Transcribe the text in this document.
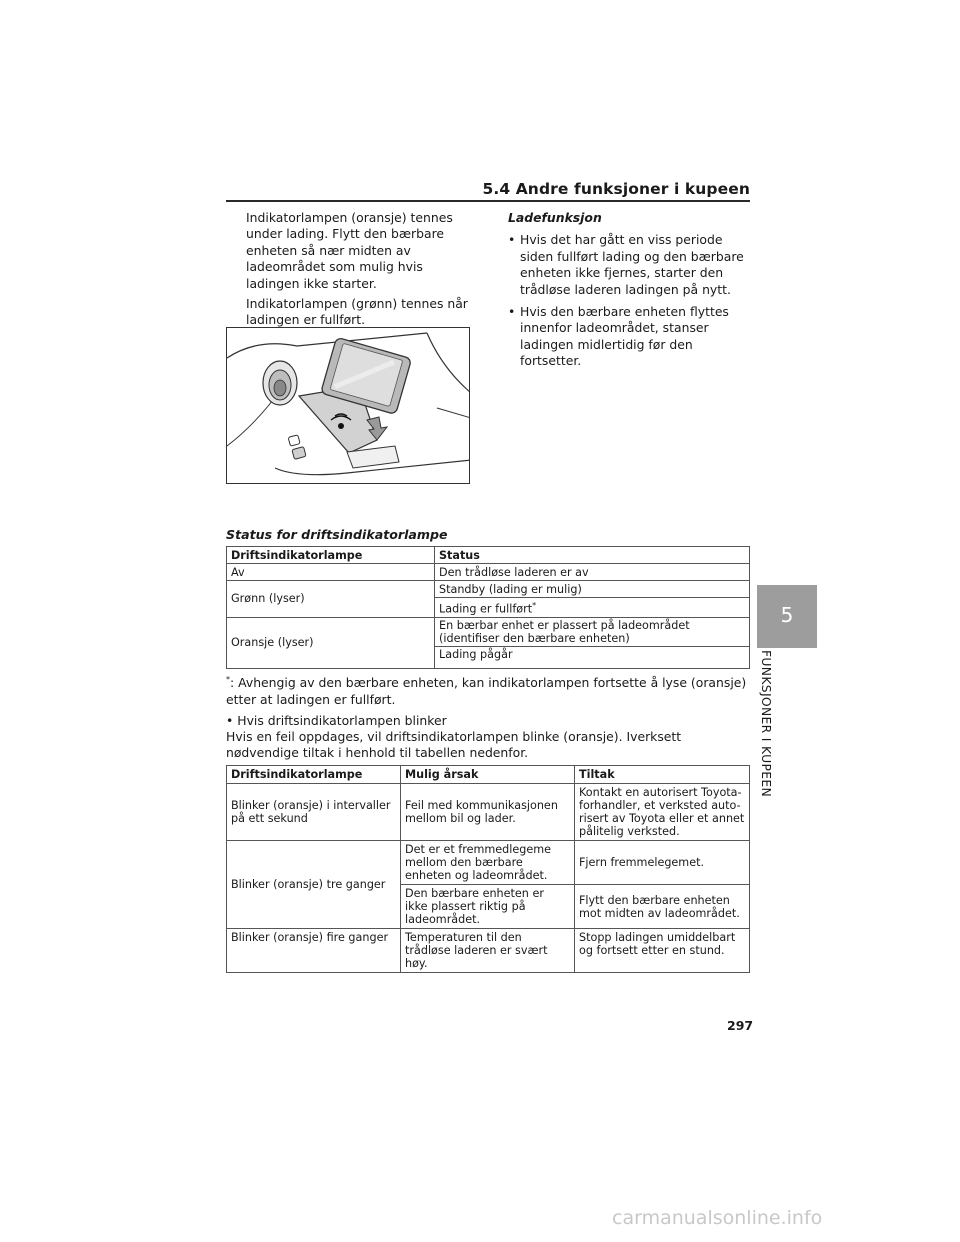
5.4 Andre funksjoner i kupeen

Indikatorlampen (oransje) tennes under lading. Flytt den bærbare enheten så nær midten av ladeområdet som mulig hvis ladingen ikke starter.

Indikatorlampen (grønn) tennes når ladingen er fullført.

Ladefunksjon
• Hvis det har gått en viss periode siden fullført lading og den bærbare enheten ikke fjernes, starter den trådløse laderen ladingen på nytt.
• Hvis den bærbare enheten flyttes innenfor ladeområdet, stanser ladingen midlertidig før den fortsetter.
Status for driftsindikatorlampe
Driftsindikatorlampe	Status
Av	Den trådløse laderen er av
Grønn (lyser)	Standby (lading er mulig)
	Lading er fullført*
Oransje (lyser)	En bærbar enhet er plassert på ladeområdet (identifiser den bærbare enheten)
	Lading pågår
*: Avhengig av den bærbare enheten, kan indikatorlampen fortsette å lyse (oransje) etter at ladingen er fullført.
• Hvis driftsindikatorlampen blinker
Hvis en feil oppdages, vil driftsindikatorlampen blinke (oransje). Iverksett nødvendige tiltak i henhold til tabellen nedenfor.
Driftsindikatorlampe	Mulig årsak	Tiltak
Blinker (oransje) i intervaller på ett sekund	Feil med kommunikasjonen mellom bil og lader.	Kontakt en autorisert Toyota-forhandler, et verksted auto-risert av Toyota eller et annet pålitelig verksted.
Blinker (oransje) tre ganger	Det er et fremmedlegeme mellom den bærbare enheten og ladeområdet.	Fjern fremmelegemet.
	Den bærbare enheten er ikke plassert riktig på ladeområdet.	Flytt den bærbare enheten mot midten av ladeområdet.
Blinker (oransje) fire ganger	Temperaturen til den trådløse laderen er svært høy.	Stopp ladingen umiddelbart og fortsett etter en stund.
297
5
FUNKSJONER I KUPEEN
carmanualsonline.info
